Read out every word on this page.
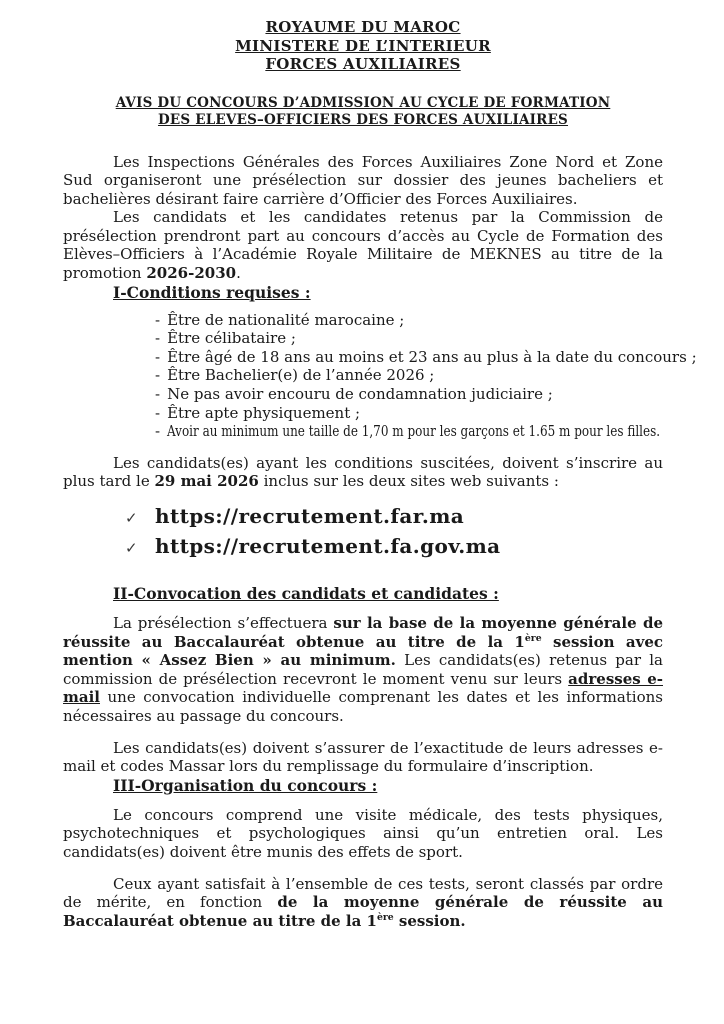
ROYAUME DU MAROC

MINISTERE DE L’INTERIEUR

FORCES AUXILIAIRES

AVIS DU CONCOURS D’ADMISSION AU CYCLE DE FORMATION

DES ELEVES–OFFICIERS DES FORCES AUXILIAIRES

Les Inspections Générales des Forces Auxiliaires Zone Nord et Zone Sud organiseront une présélection sur dossier des jeunes bacheliers et bachelières désirant faire carrière d’Officier des Forces Auxiliaires.

Les candidats et les candidates retenus par la Commission de présélection prendront part au concours d’accès au Cycle de Formation des Elèves–Officiers à l’Académie Royale Militaire de MEKNES au titre de la promotion 2026-2030.

I-Conditions requises :

- Être de nationalité marocaine ;
- Être célibataire ;
- Être âgé de 18 ans au moins et 23 ans au plus à la date du concours ;
- Être Bachelier(e) de l’année 2026 ;
- Ne pas avoir encouru de condamnation judiciaire ;
- Être apte physiquement ;
- Avoir au minimum une taille de 1,70 m pour les garçons et 1.65 m pour les filles.

Les candidats(es) ayant les conditions suscitées, doivent s’inscrire au plus tard le 29 mai 2026 inclus sur les deux sites web suivants :

✓ https://recrutement.far.ma
✓ https://recrutement.fa.gov.ma

II-Convocation des candidats et candidates :

La présélection s’effectuera sur la base de la moyenne générale de réussite au Baccalauréat obtenue au titre de la 1ère session avec mention « Assez Bien » au minimum. Les candidats(es) retenus par la commission de présélection recevront le moment venu sur leurs adresses e-mail une convocation individuelle comprenant les dates et les informations nécessaires au passage du concours.

Les candidats(es) doivent s’assurer de l’exactitude de leurs adresses e-mail et codes Massar lors du remplissage du formulaire d’inscription.

III-Organisation du concours :

Le concours comprend une visite médicale, des tests physiques, psychotechniques et psychologiques ainsi qu’un entretien oral. Les candidats(es) doivent être munis des effets de sport.

Ceux ayant satisfait à l’ensemble de ces tests, seront classés par ordre de mérite, en fonction de la moyenne générale de réussite au Baccalauréat obtenue au titre de la 1ère session.
